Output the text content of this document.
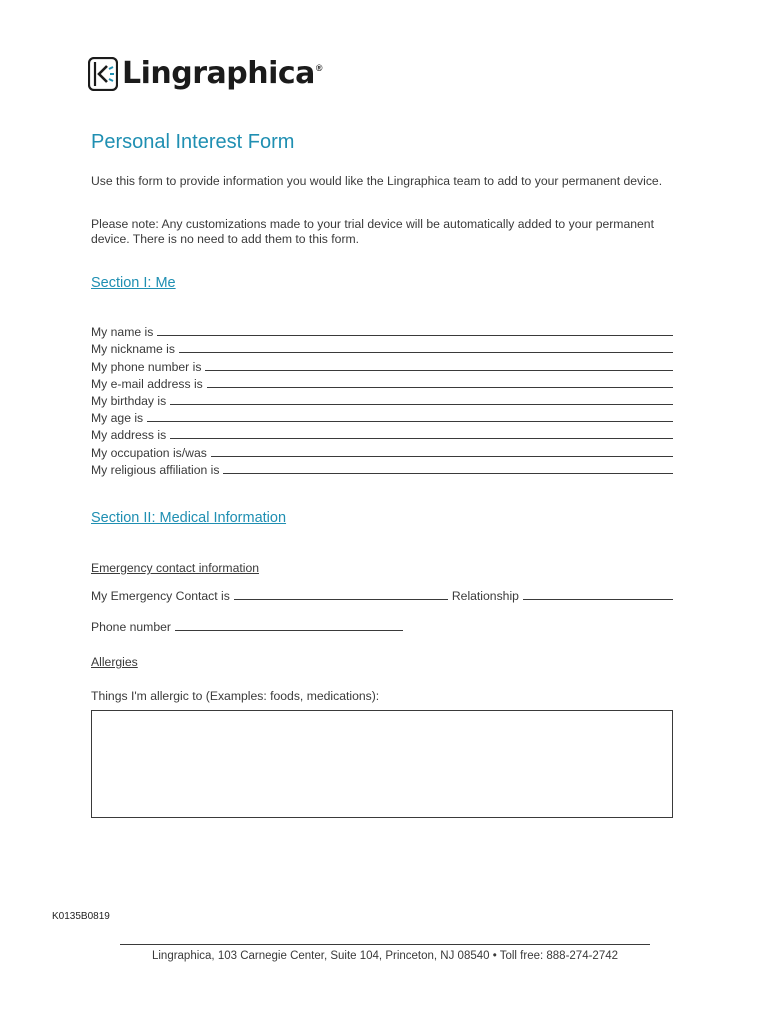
Lingraphica ®
Personal Interest Form
Use this form to provide information you would like the Lingraphica team to add to your permanent device.
Please note: Any customizations made to your trial device will be automatically added to your permanent device. There is no need to add them to this form.
Section I: Me
My name is
My nickname is
My phone number is
My e-mail address is
My birthday is
My age is
My address is
My occupation is/was
My religious affiliation is
Section II: Medical Information
Emergency contact information
My Emergency Contact is	Relationship
Phone number
Allergies
Things I'm allergic to (Examples: foods, medications):
K0135B0819
Lingraphica, 103 Carnegie Center, Suite 104, Princeton, NJ 08540 • Toll free: 888-274-2742
